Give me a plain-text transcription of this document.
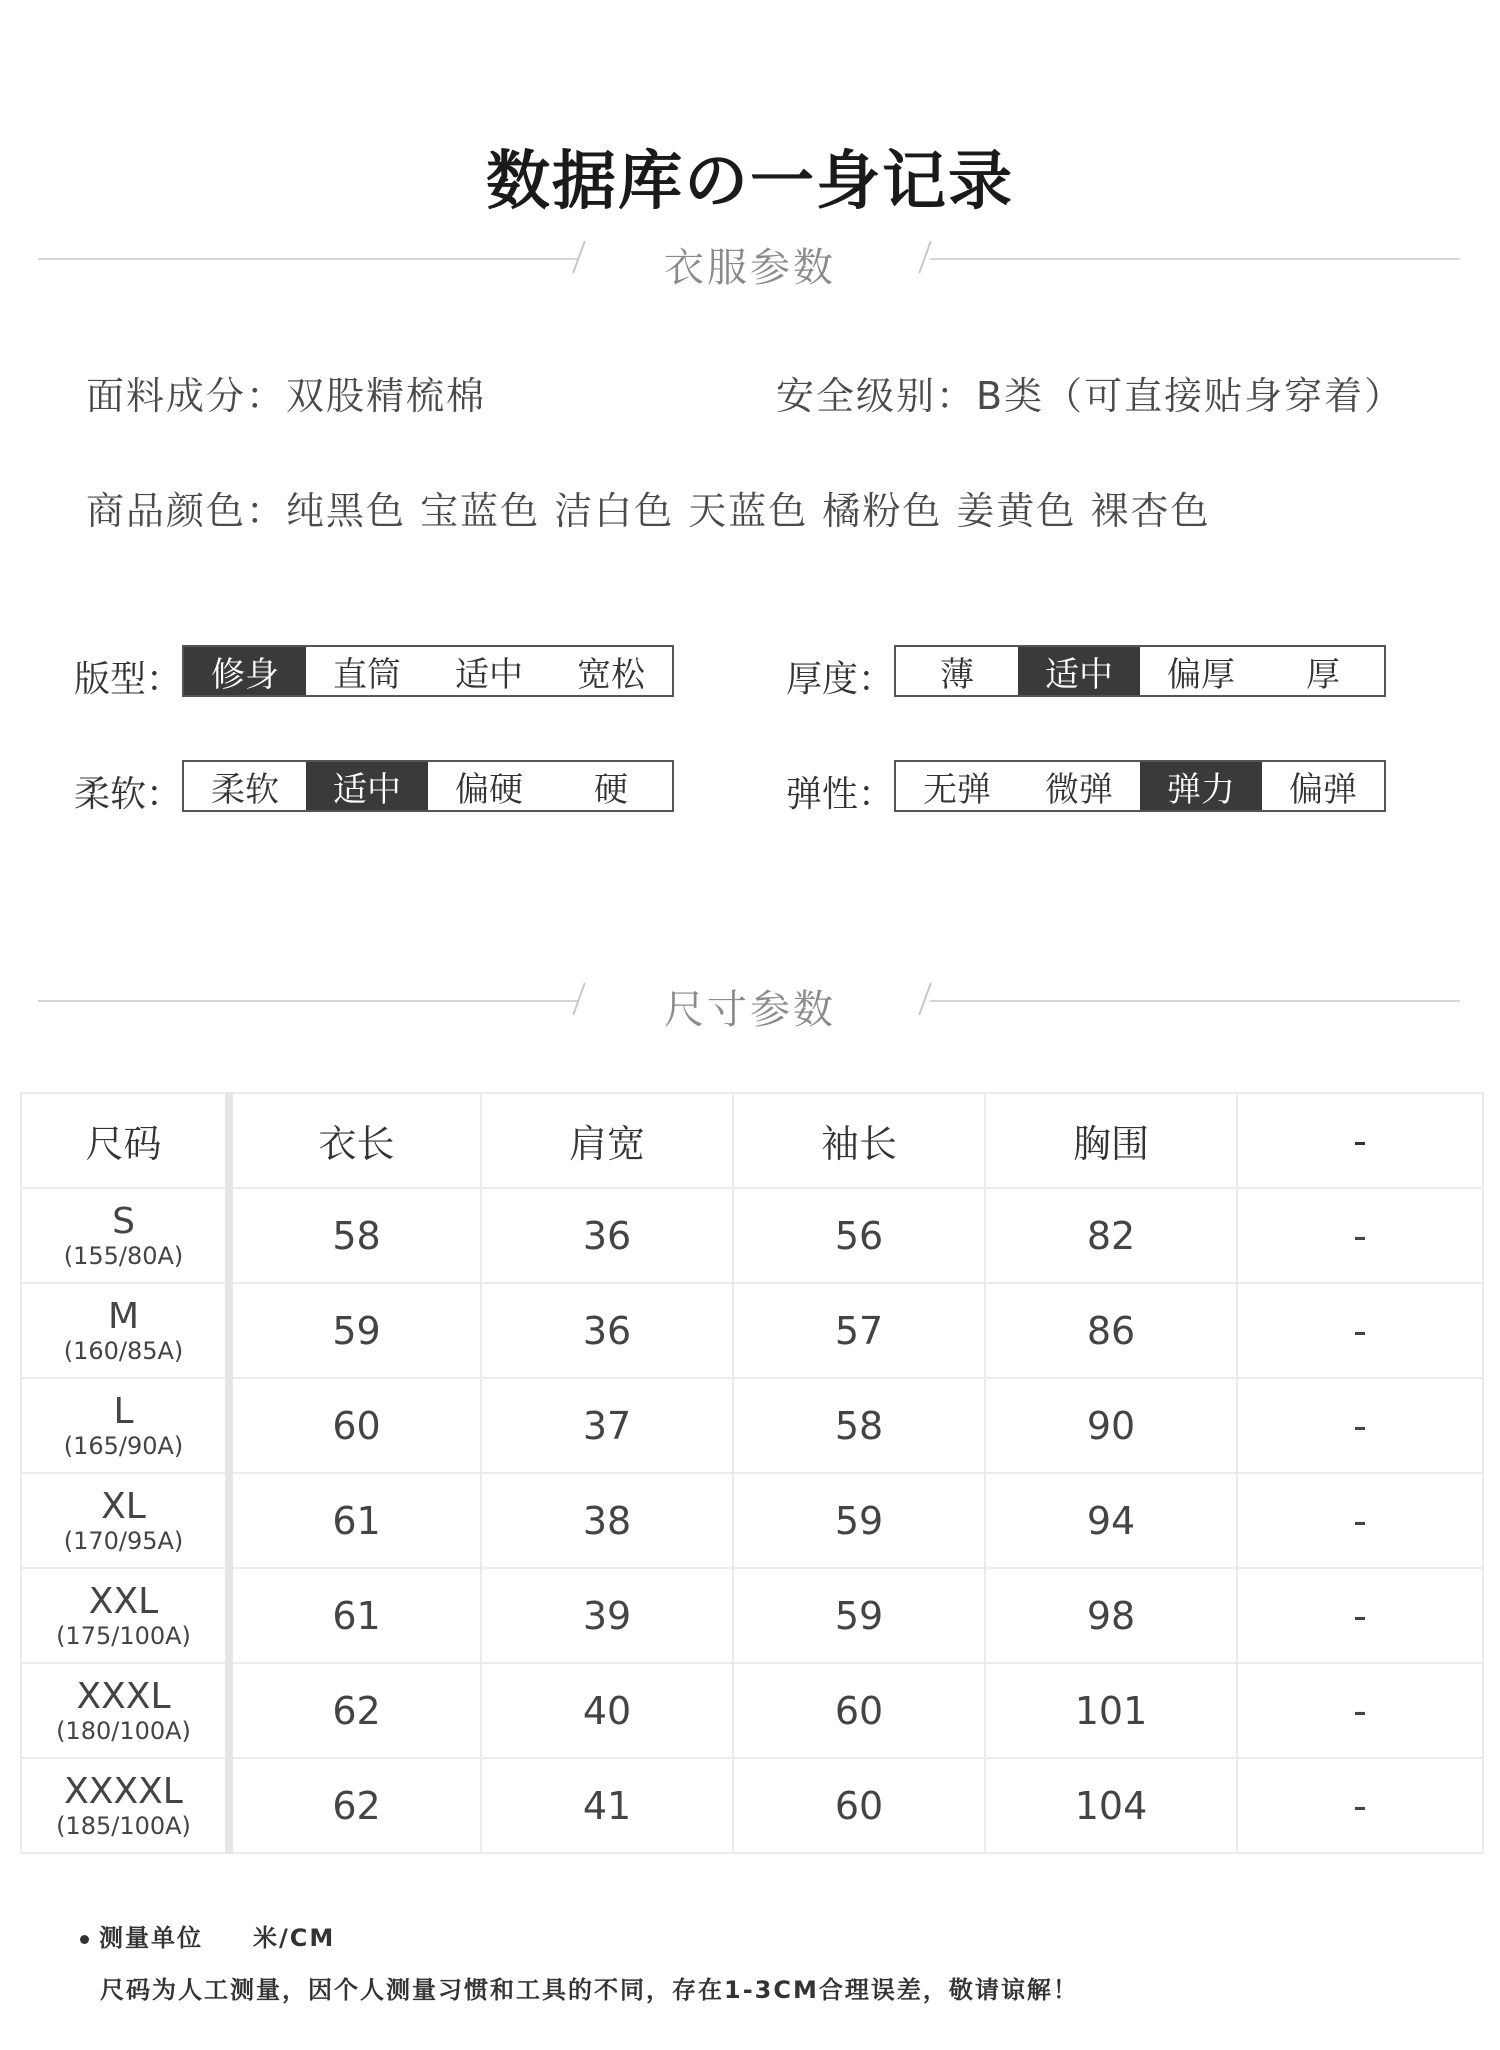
数据库の一身记录
衣服参数
面料成分：双股精梳棉	安全级别：B类（可直接贴身穿着）
商品颜色：纯黑色 宝蓝色 洁白色 天蓝色 橘粉色 姜黄色 裸杏色
版型： 修身	直筒	适中	宽松	厚度：	薄	适中	偏厚	厚
柔软： 柔软	适中	偏硬	硬	弹性： 无弹	微弹	弹力	偏弹
尺寸参数
尺码	衣长	肩宽	袖长	胸围	-

S
(155/80A)	58	36	56	82	-

M
(160/85A)	59	36	57	86	-

L
(165/90A)	60	37	58	90	-

XL
(170/95A)	61	38	59	94	-

XXL
(175/100A)	61	39	59	98	-

XXXL
(180/100A)	62	40	60	101	-

XXXXL
(185/100A)	62	41	60	104	-
测量单位 米/CM
尺码为人工测量，因个人测量习惯和工具的不同，存在1-3CM合理误差，敬请谅解！
